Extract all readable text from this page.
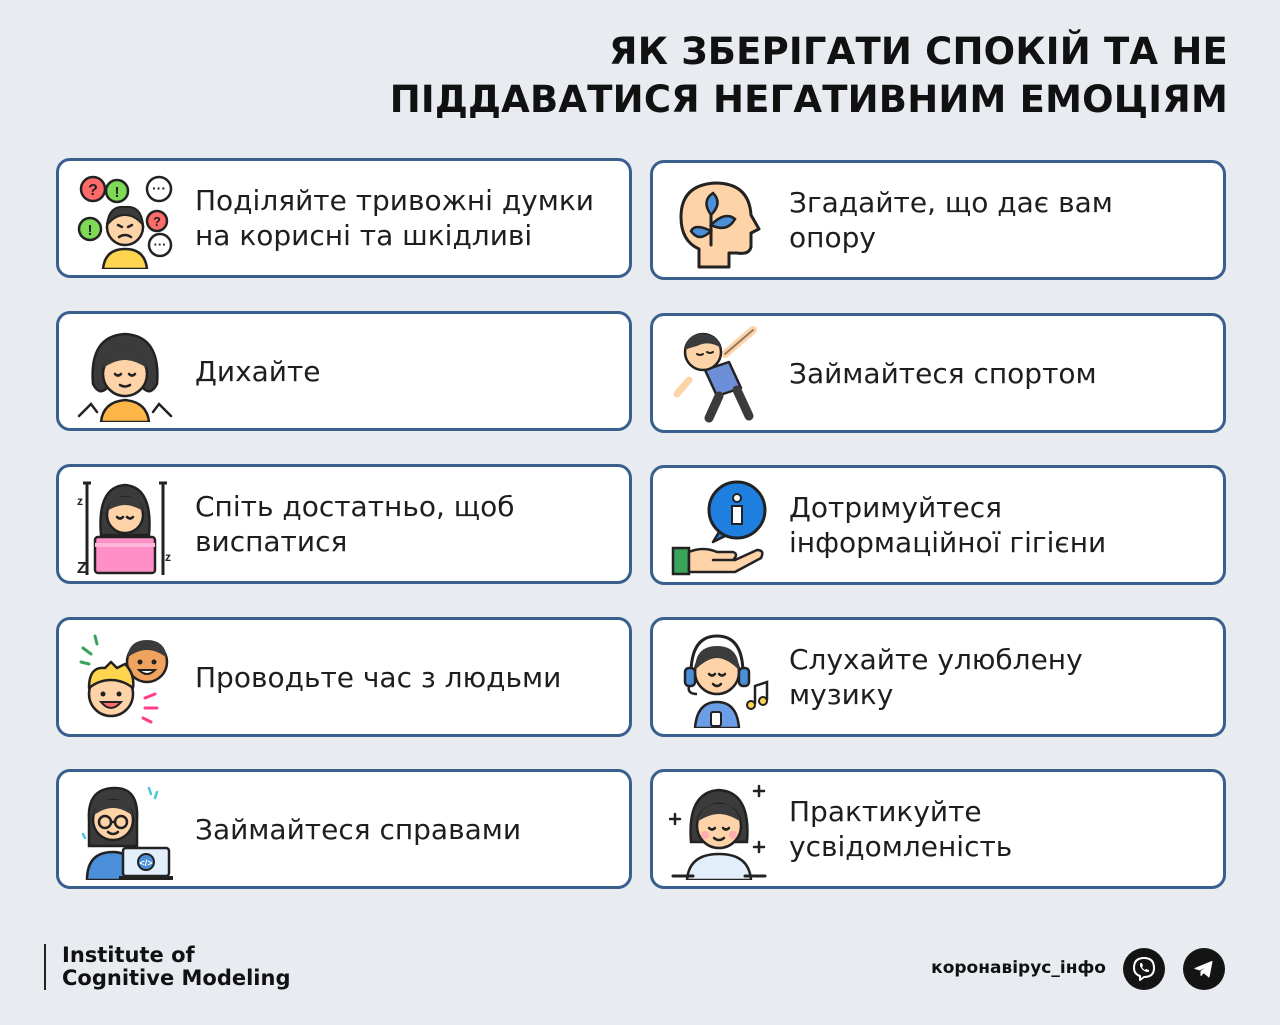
ЯК ЗБЕРІГАТИ СПОКІЙ ТА НЕ
ПІДДАВАТИСЯ НЕГАТИВНИМ ЕМОЦІЯМ
? ! ···
!
?
···
Поділяйте тривожні думки
на корисні та шкідливі
Згадайте, що дає вам
опору
Дихайте	Займайтеся спортом
z
Z
z
Спіть достатньо, щоб
виспатися
Дотримуйтеся
інформаційної гігієни
Проводьте час з людьми
Слухайте улюблену
музику
</>
Займайтеся справами
Практикуйте
усвідомленість
Institute of
Cognitive Modeling	коронавірус_інфо
